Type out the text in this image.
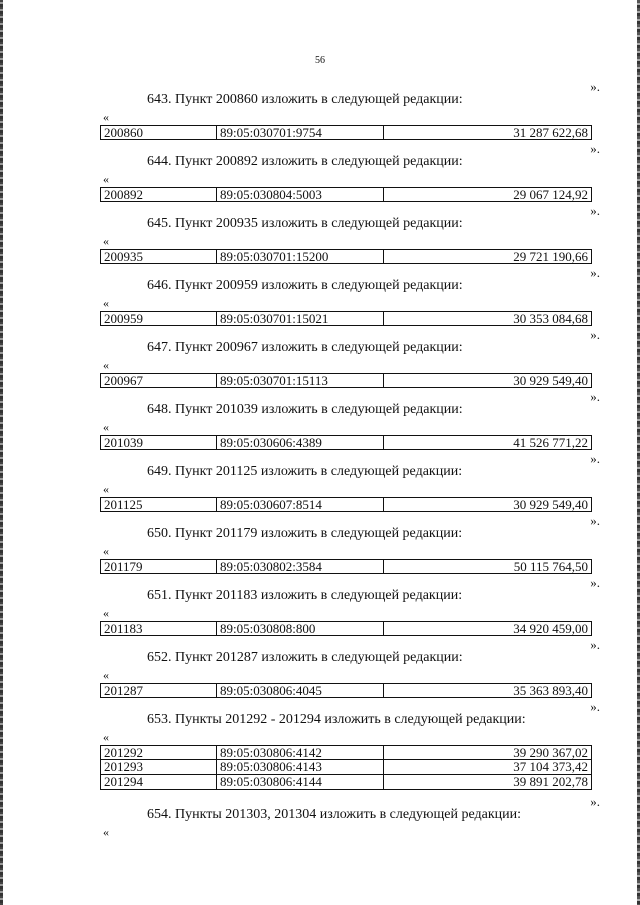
56
».
643. Пункт 200860 изложить в следующей редакции:
«
200860	89:05:030701:9754	31 287 622,68
».
644. Пункт 200892 изложить в следующей редакции:
«
200892	89:05:030804:5003	29 067 124,92
».
645. Пункт 200935 изложить в следующей редакции:
«
200935	89:05:030701:15200	29 721 190,66
».
646. Пункт 200959 изложить в следующей редакции:
«
200959	89:05:030701:15021	30 353 084,68
».
647. Пункт 200967 изложить в следующей редакции:
«
200967	89:05:030701:15113	30 929 549,40
».
648. Пункт 201039 изложить в следующей редакции:
«
201039	89:05:030606:4389	41 526 771,22
».
649. Пункт 201125 изложить в следующей редакции:
«
201125	89:05:030607:8514	30 929 549,40
».
650. Пункт 201179 изложить в следующей редакции:
«
201179	89:05:030802:3584	50 115 764,50
».
651. Пункт 201183 изложить в следующей редакции:
«
201183	89:05:030808:800	34 920 459,00
».
652. Пункт 201287 изложить в следующей редакции:
«
201287	89:05:030806:4045	35 363 893,40
».
653. Пункты 201292 - 201294 изложить в следующей редакции:
«
201292	89:05:030806:4142	39 290 367,02
201293	89:05:030806:4143	37 104 373,42
201294	89:05:030806:4144	39 891 202,78
».
654. Пункты 201303, 201304 изложить в следующей редакции:
«
